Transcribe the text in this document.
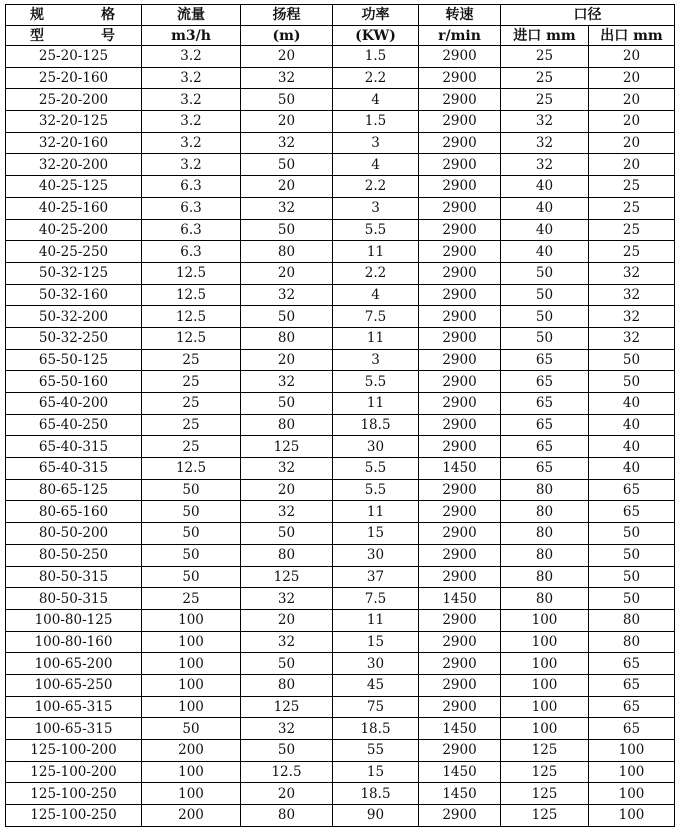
规 格	流量	扬程	功率	转速	口径	

型 号	m3/h	(m)	(KW)	r/min	进口 mm	出口 mm
25-20-125	3.2	20	1.5	2900	25	20
25-20-160	3.2	32	2.2	2900	25	20
25-20-200	3.2	50	4	2900	25	20
32-20-125	3.2	20	1.5	2900	32	20
32-20-160	3.2	32	3	2900	32	20
32-20-200	3.2	50	4	2900	32	20
40-25-125	6.3	20	2.2	2900	40	25
40-25-160	6.3	32	3	2900	40	25
40-25-200	6.3	50	5.5	2900	40	25
40-25-250	6.3	80	11	2900	40	25
50-32-125	12.5	20	2.2	2900	50	32
50-32-160	12.5	32	4	2900	50	32
50-32-200	12.5	50	7.5	2900	50	32
50-32-250	12.5	80	11	2900	50	32
65-50-125	25	20	3	2900	65	50
65-50-160	25	32	5.5	2900	65	50
65-40-200	25	50	11	2900	65	40
65-40-250	25	80	18.5	2900	65	40
65-40-315	25	125	30	2900	65	40
65-40-315	12.5	32	5.5	1450	65	40
80-65-125	50	20	5.5	2900	80	65
80-65-160	50	32	11	2900	80	65
80-50-200	50	50	15	2900	80	50
80-50-250	50	80	30	2900	80	50
80-50-315	50	125	37	2900	80	50
80-50-315	25	32	7.5	1450	80	50
100-80-125	100	20	11	2900	100	80
100-80-160	100	32	15	2900	100	80
100-65-200	100	50	30	2900	100	65
100-65-250	100	80	45	2900	100	65
100-65-315	100	125	75	2900	100	65
100-65-315	50	32	18.5	1450	100	65
125-100-200	200	50	55	2900	125	100
125-100-200	100	12.5	15	1450	125	100
125-100-250	100	20	18.5	1450	125	100
125-100-250	200	80	90	2900	125	100
